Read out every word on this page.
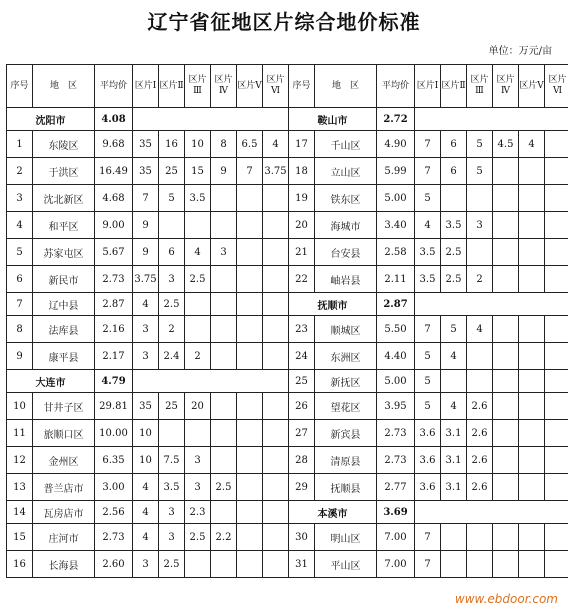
辽宁省征地区片综合地价标准
单位：万元/亩
序号	地　区	平均价	区片Ⅰ	区片Ⅱ	区片Ⅲ	区片Ⅳ	区片Ⅴ	区片Ⅵ	序号	地　区	平均价	区片Ⅰ	区片Ⅱ	区片Ⅲ	区片Ⅳ	区片Ⅴ	区片Ⅵ
沈阳市		4.08							鞍山市		2.72						
1	东陵区	9.68	35	16	10	8	6.5	4	17	千山区	4.90	7	6	5	4.5	4	
2	于洪区	16.49	35	25	15	9	7	3.75	18	立山区	5.99	7	6	5			
3	沈北新区	4.68	7	5	3.5				19	铁东区	5.00	5					
4	和平区	9.00	9						20	海城市	3.40	4	3.5	3			
5	苏家屯区	5.67	9	6	4	3			21	台安县	2.58	3.5	2.5				
6	新民市	2.73	3.75	3	2.5				22	岫岩县	2.11	3.5	2.5	2			
7	辽中县	2.87	4	2.5					抚顺市		2.87						
8	法库县	2.16	3	2					23	顺城区	5.50	7	5	4			
9	康平县	2.17	3	2.4	2				24	东洲区	4.40	5	4				
大连市		4.79							25	新抚区	5.00	5					
10	甘井子区	29.81	35	25	20				26	望花区	3.95	5	4	2.6			
11	旅顺口区	10.00	10						27	新宾县	2.73	3.6	3.1	2.6			
12	金州区	6.35	10	7.5	3				28	清原县	2.73	3.6	3.1	2.6			
13	普兰店市	3.00	4	3.5	3	2.5			29	抚顺县	2.77	3.6	3.1	2.6			
14	瓦房店市	2.56	4	3	2.3				本溪市		3.69						
15	庄河市	2.73	4	3	2.5	2.2			30	明山区	7.00	7					
16	长海县	2.60	3	2.5					31	平山区	7.00	7					
www.ebdoor.com
